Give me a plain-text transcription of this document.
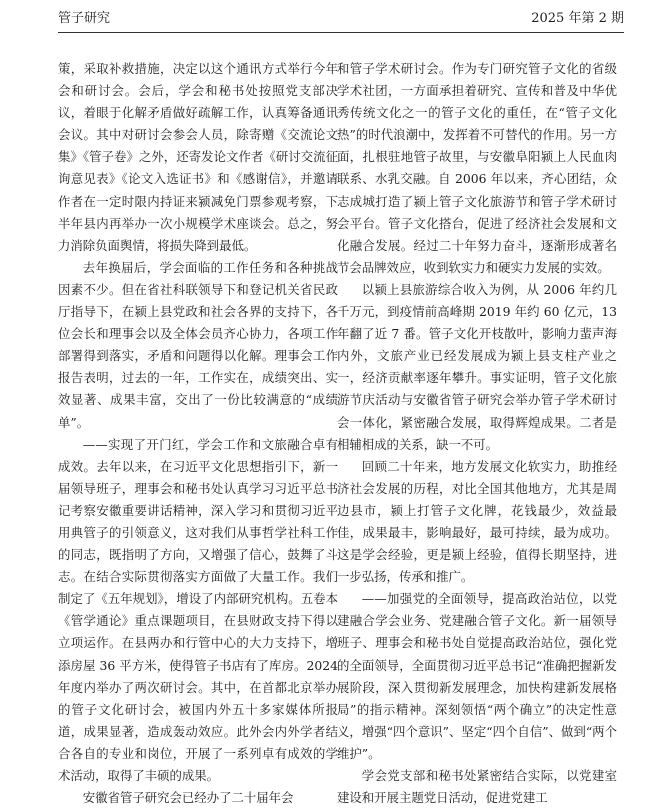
管子研究	2025 年第 2 期

策，采取补救措施，决定以这个通讯方式举行今年会和研讨会。会后，学会和秘书处按照党支部决议，着眼于化解矛盾做好疏解工作，认真筹备通讯会议。其中对研讨会参会人员，除寄赠《交流论文集》《管子卷》之外，还寄发论文作者《研讨交流征询意见表》《论文入选证书》和《感谢信》，并邀请作者在一定时限内持证来颍减免门票参观考察，下半年县内再举办一次小规模学术座谈会。总之，努力消除负面舆情，将损失降到最低。

去年换届后，学会面临的工作任务和各种挑战因素不少。但在省社科联领导下和登记机关省民政厅指导下，在颍上县党政和社会各界的支持下，各位会长和理事会以及全体会员齐心协力，各项工作部署得到落实，矛盾和问题得以化解。理事会工作报告表明，过去的一年，工作实在，成绩突出、实效显著、成果丰富，交出了一份比较满意的“成绩单”。

——实现了开门红，学会工作和文旅融合卓有成效。去年以来，在习近平文化思想指引下，新一届领导班子，理事会和秘书处认真学习习近平总书记考察安徽重要讲话精神，深入学习和贯彻习近平用典管子的引领意义，这对我们从事哲学社科工作的同志，既指明了方向，又增强了信心，鼓舞了斗志。在结合实际贯彻落实方面做了大量工作。我们制定了《五年规划》，增设了内部研究机构。五卷本《管学通论》重点课题项目，在县财政支持下得以立项运作。在县两办和行管中心的大力支持下，增添房屋 36 平方米，使得管子书店有了库房。2024 年度内举办了两次研讨会。其中，在首都北京举办的管子文化研讨会，被国内外五十多家媒体所报道，成果显著，造成轰动效应。此外会内外学者结合各自的专业和岗位，开展了一系列卓有成效的学术活动，取得了丰硕的成果。

安徽省管子研究会已经办了二十届年会

和管子学术研讨会。作为专门研究管子文化的省级学术社团，一方面承担着研究、宣传和普及中华优秀传统文化之一的管子文化的重任，在“管子文化热”的时代浪潮中，发挥着不可替代的作用。另一方面，扎根驻地管子故里，与安徽阜阳颍上人民血肉联系、水乳交融。自 2006 年以来，齐心团结，众志成城打造了颍上管子文化旅游节和管子学术研讨会平台。管子文化搭台，促进了经济社会发展和文化融合发展。经过二十年努力奋斗，逐渐形成著名节会品牌效应，收到软实力和硬实力发展的实效。

以颍上县旅游综合收入为例，从 2006 年约几千万元，到疫情前高峰期 2019 年约 60 亿元，13 年翻了近 7 番。管子文化开枝散叶，影响力蜚声海内外，文旅产业已经发展成为颍上县支柱产业之一，经济贡献率逐年攀升。事实证明，管子文化旅游节庆活动与安徽省管子研究会举办管子学术研讨会一体化，紧密融合发展，取得辉煌成果。二者是相辅相成的关系，缺一不可。

回顾二十年来，地方发展文化软实力，助推经济社会发展的历程，对比全国其他地方，尤其是周边县市，颍上打管子文化牌，花钱最少，效益最佳，成果最丰，影响最好，最可持续，最为成功。这是学会经验，更是颍上经验，值得长期坚持，进一步弘扬，传承和推广。

——加强党的全面领导，提高政治站位，以党建融合学会业务、党建融合管子文化。新一届领导班子、理事会和秘书处自觉提高政治站位，强化党的全面领导，全面贯彻习近平总书记“准确把握新发展阶段，深入贯彻新发展理念，加快构建新发展格局”的指示精神。深刻领悟“两个确立”的决定性意义，增强“四个意识”、坚定“四个自信”、做到“两个维护”。

学会党支部和秘书处紧密结合实际，以党建室建设和开展主题党日活动，促进党建工
